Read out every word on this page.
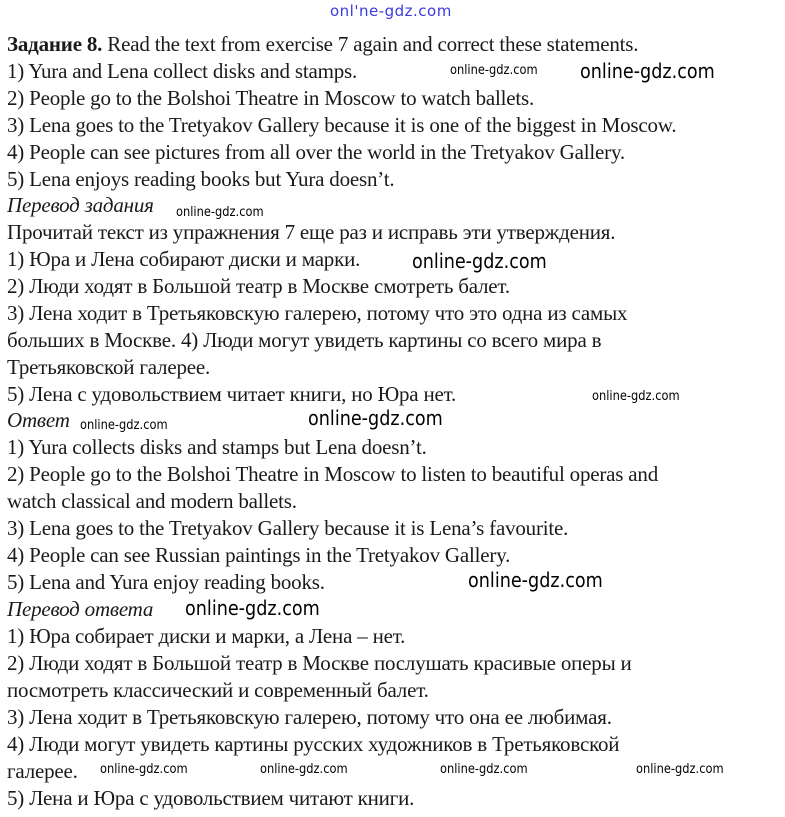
onl'ne-gdz.com
Задание 8. Read the text from exercise 7 again and correct these statements.
1) Yura and Lena collect disks and stamps.
2) People go to the Bolshoi Theatre in Moscow to watch ballets.
3) Lena goes to the Tretyakov Gallery because it is one of the biggest in Moscow.
4) People can see pictures from all over the world in the Tretyakov Gallery.
5) Lena enjoys reading books but Yura doesn’t.
Перевод задания
Прочитай текст из упражнения 7 еще раз и исправь эти утверждения.
1) Юра и Лена собирают диски и марки.
2) Люди ходят в Большой театр в Москве смотреть балет.
3) Лена ходит в Третьяковскую галерею, потому что это одна из самых
больших в Москве. 4) Люди могут увидеть картины со всего мира в
Третьяковской галерее.
5) Лена с удовольствием читает книги, но Юра нет.
Ответ
1) Yura collects disks and stamps but Lena doesn’t.
2) People go to the Bolshoi Theatre in Moscow to listen to beautiful operas and
watch classical and modern ballets.
3) Lena goes to the Tretyakov Gallery because it is Lena’s favourite.
4) People can see Russian paintings in the Tretyakov Gallery.
5) Lena and Yura enjoy reading books.
Перевод ответа
1) Юра собирает диски и марки, а Лена – нет.
2) Люди ходят в Большой театр в Москве послушать красивые оперы и
посмотреть классический и современный балет.
3) Лена ходит в Третьяковскую галерею, потому что она ее любимая.
4) Люди могут увидеть картины русских художников в Третьяковской
галерее.
5) Лена и Юра с удовольствием читают книги.
online-gdz.com
online-gdz.com
online-gdz.com
online-gdz.com
online-gdz.com
online-gdz.com
online-gdz.com
online-gdz.com
online-gdz.com
online-gdz.com	online-gdz.com	online-gdz.com	online-gdz.com
